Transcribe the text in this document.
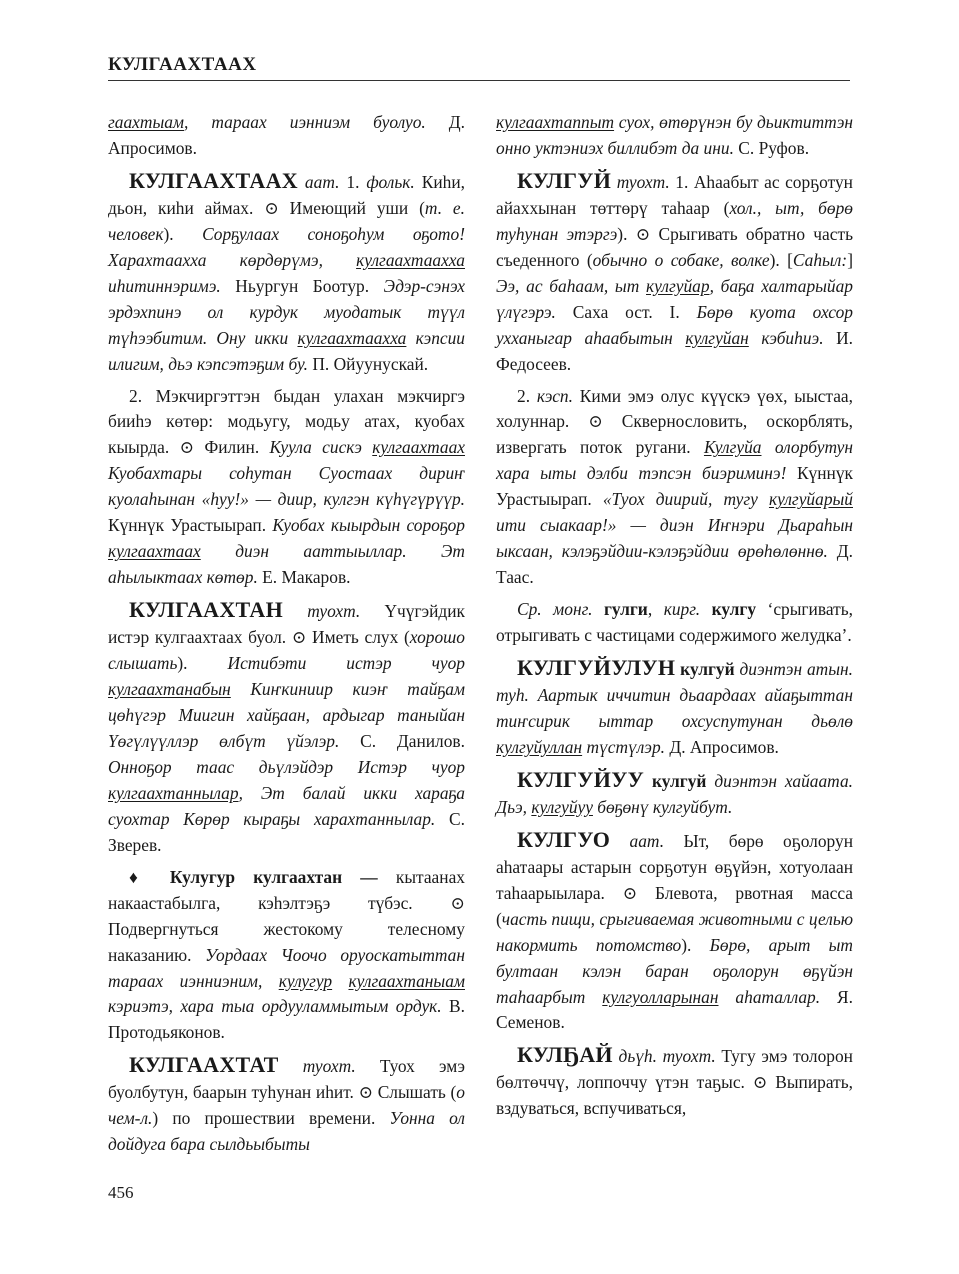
КУЛГААХТААХ

гаахтыам, тараах иэнниэм буолуо. Д. Апросимов.

КУЛГААХТААХ аат. 1. фольк. Киһи, дьон, киһи аймах. ⊙ Имеющий уши (т. е. человек). Сорҕулаах соноҕоһум оҕото! Харахтаахха көрдөрүмэ, кулгаахтаахха иһитиннэримэ. Ньургун Боотур. Эдэр-сэнэх эрдэхпинэ ол курдук муодатык түүл түһээбитим. Ону икки кулгаахтаахха кэпсии илигим, дьэ кэпсэтэҕим бу. П. Ойуунускай.

2. Мэкчиргэттэн быдан улахан мэкчиргэ бииһэ көтөр: модьугу, модьу атах, куобах кыырда. ⊙ Филин. Куула сискэ кулгаахтаах Куобахтары соһутан Суостаах дириҥ куолаһынан «һуу!» — диир, кулгэн күһүгүрүүр. Күннүк Урастыырап. Куобах кыырдын сороҕор кулгаахтаах диэн ааттыыллар. Эт аһылыктаах көтөр. Е. Макаров.

КУЛГААХТАН туохт. Үчүгэйдик истэр кулгаахтаах буол. ⊙ Иметь слух (хорошо слышать). Истибэти истэр чуор кулгаахтанабын Киҥкиниир киэҥ тайҕам цөһүгэр Миигин хайҕаан, ардыгар таныйан Үөгүлүүллэр өлбүт үйэлэр. С. Данилов. Онноҕор таас дьүлэйдэр Истэр чуор кулгаахтаннылар, Эт балай икки хараҕа суохтар Көрөр кыраҕы харахтаннылар. С. Зверев.

♦ Кулугур кулгаахтан — кытаанах накаастабылга, кэһэлтэҕэ түбэс. ⊙ Подвергнуться жестокому телесному наказанию. Уордаах Чоочо оруоскатыттан тараах иэнниэним, кулугур кулгаахтаныам кэриэтэ, хара тыа ордууламмытым ордук. В. Протодьяконов.

КУЛГААХТАТ туохт. Туох эмэ буолбутун, баарын туһунан иһит. ⊙ Слышать (о чем-л.) по прошествии времени. Уонна ол дойдуга бара сылдьыбыты

кулгаахтаппыт суох, өтөрүнэн бу дьиктиттэн онно уктэниэх биллибэт да ини. С. Руфов.

КУЛГУЙ туохт. 1. Аһаабыт ас сорҕотун айаххынан төттөрү таһаар (хол., ыт, бөрө туһунан этэргэ). ⊙ Срыгивать обратно часть съеденного (обычно о собаке, волке). [Саһыл:] Ээ, ас баһаам, ыт кулгуйар, баҕа халтарыйар үлүгэрэ. Саха ост. I. Бөрө куота охсор ухханыгар аһаабытын кулгуйан кэбиһиэ. И. Федосеев.

2. кэсп. Кими эмэ олус күүскэ үөх, ыыстаа, холуннар. ⊙ Сквернословить, оскорблять, извергать поток ругани. Кулгуйа олорбутун хара ыты дэлби тэпсэн биэриминэ! Күннүк Урастыырап. «Туох диирий, тугу кулгуйарый ити сыакаар!» — диэн Иҥнэри Дьараһын ыксаан, кэлэҕэйдии-кэлэҕэйдии өрөһөлөннө. Д. Таас.

Ср. монг. гулги, кирг. кулгу ‘срыгивать, отрыгивать с частицами содержимого желудка’.

КУЛГУЙУЛУН кулгуй диэнтэн атын. туһ. Аартык иччитин дьаардаах айаҕыттан тиҥсирик ыттар охсуспутунан дьөлө кулгуйуллан түстүлэр. Д. Апросимов.

КУЛГУЙУУ кулгуй диэнтэн хайаата. Дьэ, кулгуйуу бөҕөнү кулгуйбут.

КУЛГУО аат. Ыт, бөрө оҕолорун аһатаары астарын сорҕотун өҕүйэн, хотуолаан таһаарыылара. ⊙ Блевота, рвотная масса (часть пищи, срыгиваемая животными с целью накормить потомство). Бөрө, арыт ыт бултаан кэлэн баран оҕолорун өҕүйэн таһаарбыт кулгуолларынан аһаталлар. Я. Семенов.

КУЛҔАЙ дьүһ. туохт. Тугу эмэ толорон бөлтөччү, лоппоччу үтэн таҕыс. ⊙ Выпирать, вздуваться, вспучиваться,

456
